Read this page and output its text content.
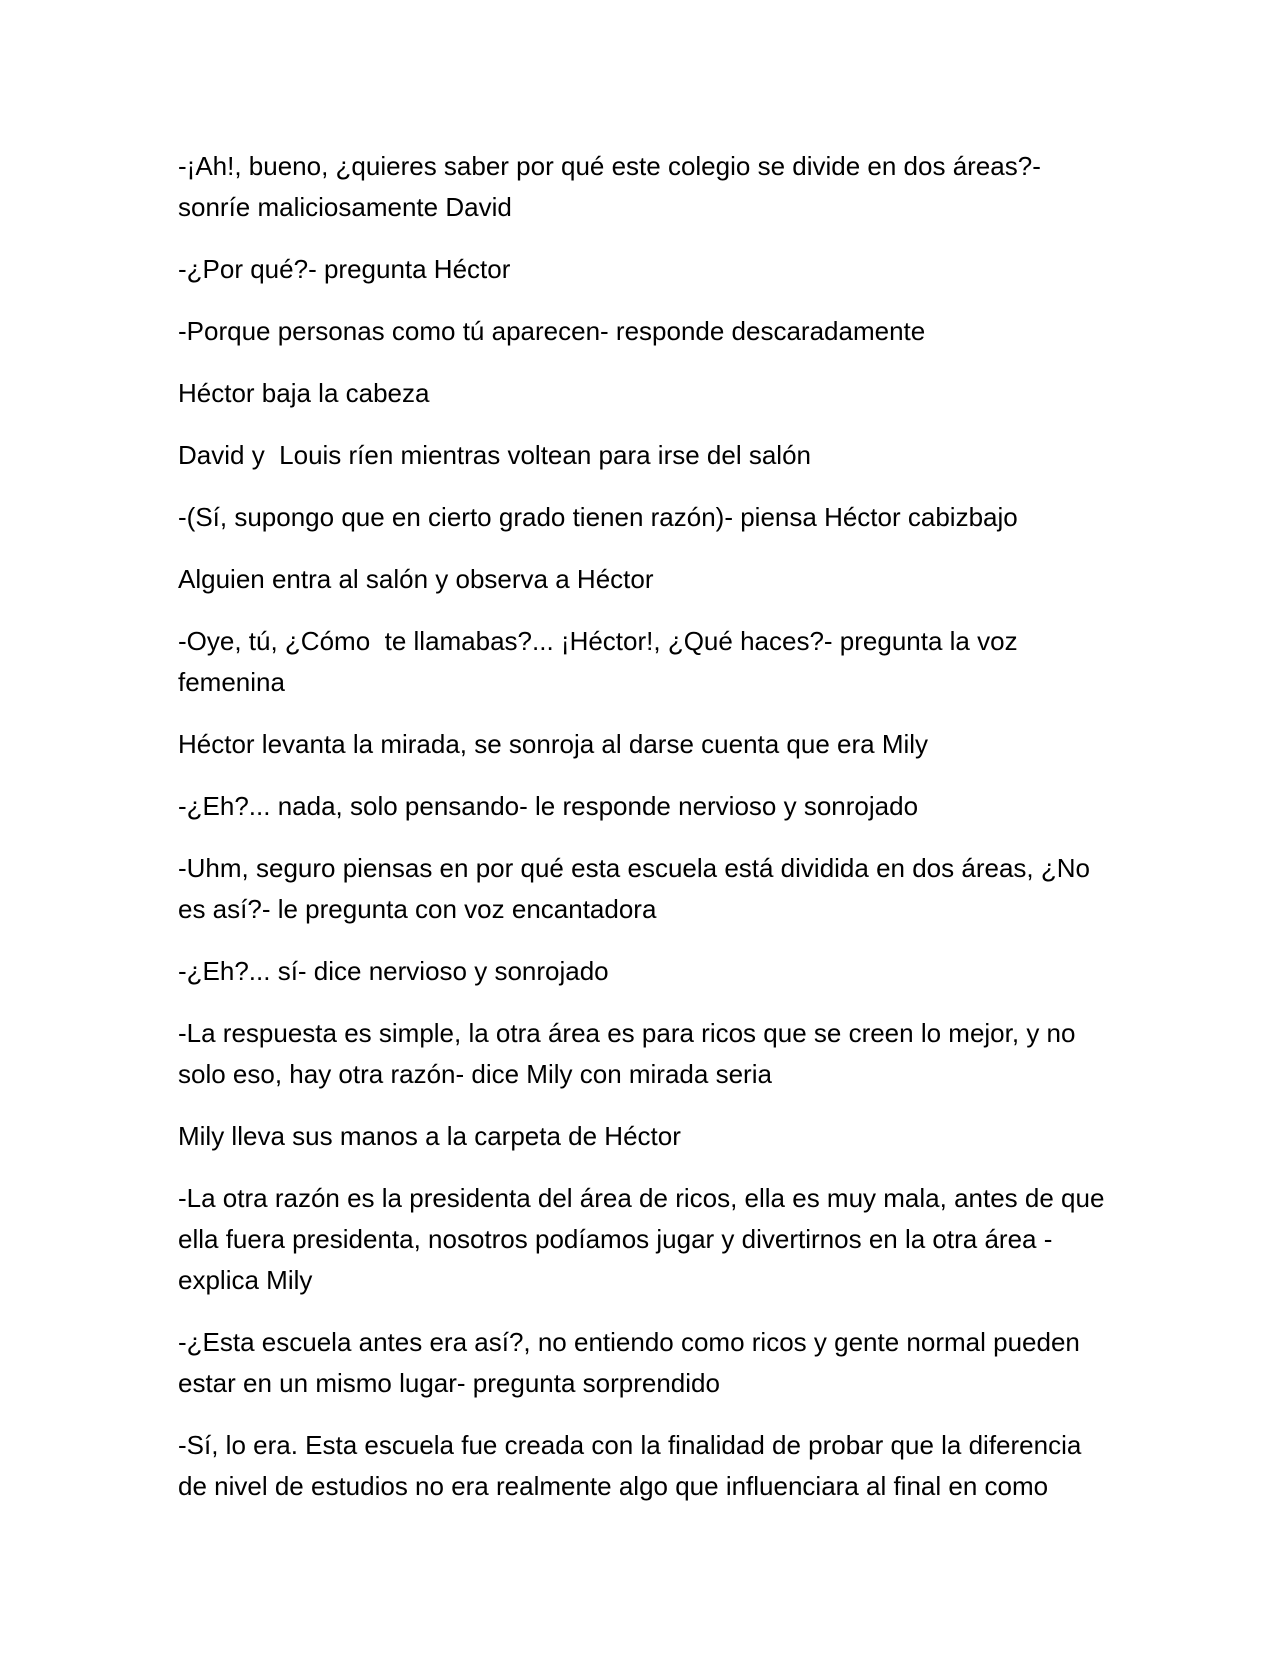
-¡Ah!, bueno, ¿quieres saber por qué este colegio se divide en dos áreas?- sonríe maliciosamente David

-¿Por qué?- pregunta Héctor

-Porque personas como tú aparecen- responde descaradamente

Héctor baja la cabeza

David y  Louis ríen mientras voltean para irse del salón

-(Sí, supongo que en cierto grado tienen razón)- piensa Héctor cabizbajo

Alguien entra al salón y observa a Héctor

-Oye, tú, ¿Cómo  te llamabas?... ¡Héctor!, ¿Qué haces?- pregunta la voz femenina

Héctor levanta la mirada, se sonroja al darse cuenta que era Mily

-¿Eh?... nada, solo pensando- le responde nervioso y sonrojado

-Uhm, seguro piensas en por qué esta escuela está dividida en dos áreas, ¿No es así?- le pregunta con voz encantadora

-¿Eh?... sí- dice nervioso y sonrojado

-La respuesta es simple, la otra área es para ricos que se creen lo mejor, y no solo eso, hay otra razón- dice Mily con mirada seria

Mily lleva sus manos a la carpeta de Héctor

-La otra razón es la presidenta del área de ricos, ella es muy mala, antes de que ella fuera presidenta, nosotros podíamos jugar y divertirnos en la otra área - explica Mily

-¿Esta escuela antes era así?, no entiendo como ricos y gente normal pueden estar en un mismo lugar- pregunta sorprendido

-Sí, lo era. Esta escuela fue creada con la finalidad de probar que la diferencia de nivel de estudios no era realmente algo que influenciara al final en como
